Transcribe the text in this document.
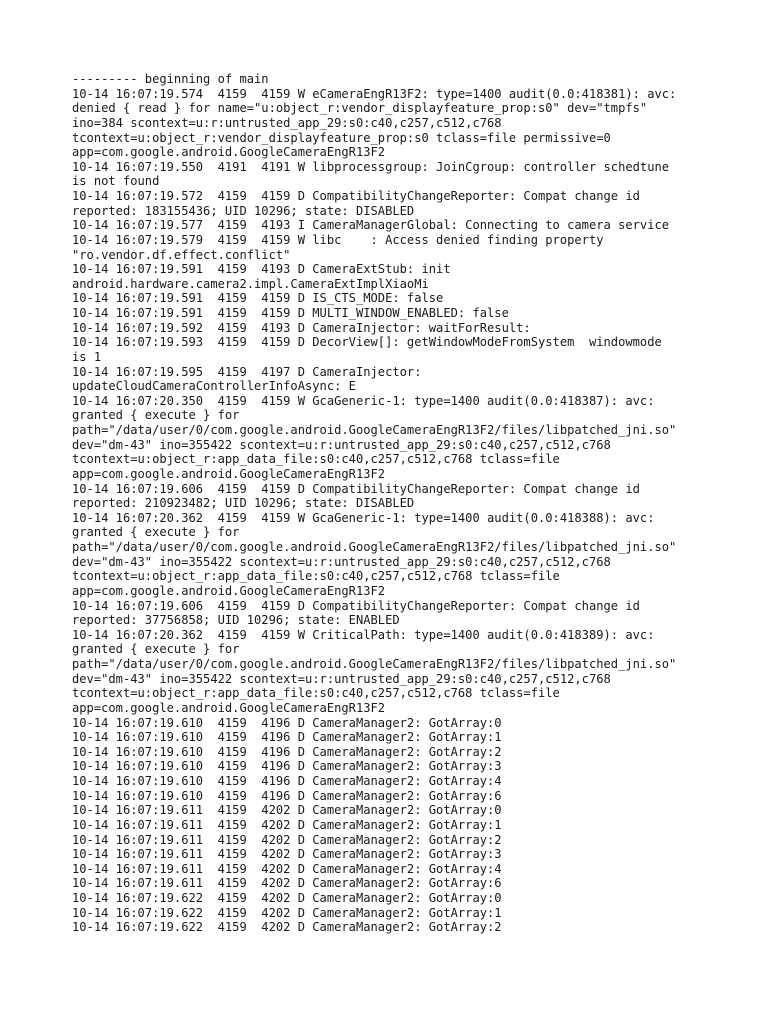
--------- beginning of main
10-14 16:07:19.574  4159  4159 W eCameraEngR13F2: type=1400 audit(0.0:418381): avc:
denied { read } for name="u:object_r:vendor_displayfeature_prop:s0" dev="tmpfs"
ino=384 scontext=u:r:untrusted_app_29:s0:c40,c257,c512,c768
tcontext=u:object_r:vendor_displayfeature_prop:s0 tclass=file permissive=0
app=com.google.android.GoogleCameraEngR13F2
10-14 16:07:19.550  4191  4191 W libprocessgroup: JoinCgroup: controller schedtune
is not found
10-14 16:07:19.572  4159  4159 D CompatibilityChangeReporter: Compat change id
reported: 183155436; UID 10296; state: DISABLED
10-14 16:07:19.577  4159  4193 I CameraManagerGlobal: Connecting to camera service
10-14 16:07:19.579  4159  4159 W libc    : Access denied finding property
"ro.vendor.df.effect.conflict"
10-14 16:07:19.591  4159  4193 D CameraExtStub: init
android.hardware.camera2.impl.CameraExtImplXiaoMi
10-14 16:07:19.591  4159  4159 D IS_CTS_MODE: false
10-14 16:07:19.591  4159  4159 D MULTI_WINDOW_ENABLED: false
10-14 16:07:19.592  4159  4193 D CameraInjector: waitForResult:
10-14 16:07:19.593  4159  4159 D DecorView[]: getWindowModeFromSystem  windowmode
is 1
10-14 16:07:19.595  4159  4197 D CameraInjector:
updateCloudCameraControllerInfoAsync: E
10-14 16:07:20.350  4159  4159 W GcaGeneric-1: type=1400 audit(0.0:418387): avc:
granted { execute } for
path="/data/user/0/com.google.android.GoogleCameraEngR13F2/files/libpatched_jni.so"
dev="dm-43" ino=355422 scontext=u:r:untrusted_app_29:s0:c40,c257,c512,c768
tcontext=u:object_r:app_data_file:s0:c40,c257,c512,c768 tclass=file
app=com.google.android.GoogleCameraEngR13F2
10-14 16:07:19.606  4159  4159 D CompatibilityChangeReporter: Compat change id
reported: 210923482; UID 10296; state: DISABLED
10-14 16:07:20.362  4159  4159 W GcaGeneric-1: type=1400 audit(0.0:418388): avc:
granted { execute } for
path="/data/user/0/com.google.android.GoogleCameraEngR13F2/files/libpatched_jni.so"
dev="dm-43" ino=355422 scontext=u:r:untrusted_app_29:s0:c40,c257,c512,c768
tcontext=u:object_r:app_data_file:s0:c40,c257,c512,c768 tclass=file
app=com.google.android.GoogleCameraEngR13F2
10-14 16:07:19.606  4159  4159 D CompatibilityChangeReporter: Compat change id
reported: 37756858; UID 10296; state: ENABLED
10-14 16:07:20.362  4159  4159 W CriticalPath: type=1400 audit(0.0:418389): avc:
granted { execute } for
path="/data/user/0/com.google.android.GoogleCameraEngR13F2/files/libpatched_jni.so"
dev="dm-43" ino=355422 scontext=u:r:untrusted_app_29:s0:c40,c257,c512,c768
tcontext=u:object_r:app_data_file:s0:c40,c257,c512,c768 tclass=file
app=com.google.android.GoogleCameraEngR13F2
10-14 16:07:19.610  4159  4196 D CameraManager2: GotArray:0
10-14 16:07:19.610  4159  4196 D CameraManager2: GotArray:1
10-14 16:07:19.610  4159  4196 D CameraManager2: GotArray:2
10-14 16:07:19.610  4159  4196 D CameraManager2: GotArray:3
10-14 16:07:19.610  4159  4196 D CameraManager2: GotArray:4
10-14 16:07:19.610  4159  4196 D CameraManager2: GotArray:6
10-14 16:07:19.611  4159  4202 D CameraManager2: GotArray:0
10-14 16:07:19.611  4159  4202 D CameraManager2: GotArray:1
10-14 16:07:19.611  4159  4202 D CameraManager2: GotArray:2
10-14 16:07:19.611  4159  4202 D CameraManager2: GotArray:3
10-14 16:07:19.611  4159  4202 D CameraManager2: GotArray:4
10-14 16:07:19.611  4159  4202 D CameraManager2: GotArray:6
10-14 16:07:19.622  4159  4202 D CameraManager2: GotArray:0
10-14 16:07:19.622  4159  4202 D CameraManager2: GotArray:1
10-14 16:07:19.622  4159  4202 D CameraManager2: GotArray:2
